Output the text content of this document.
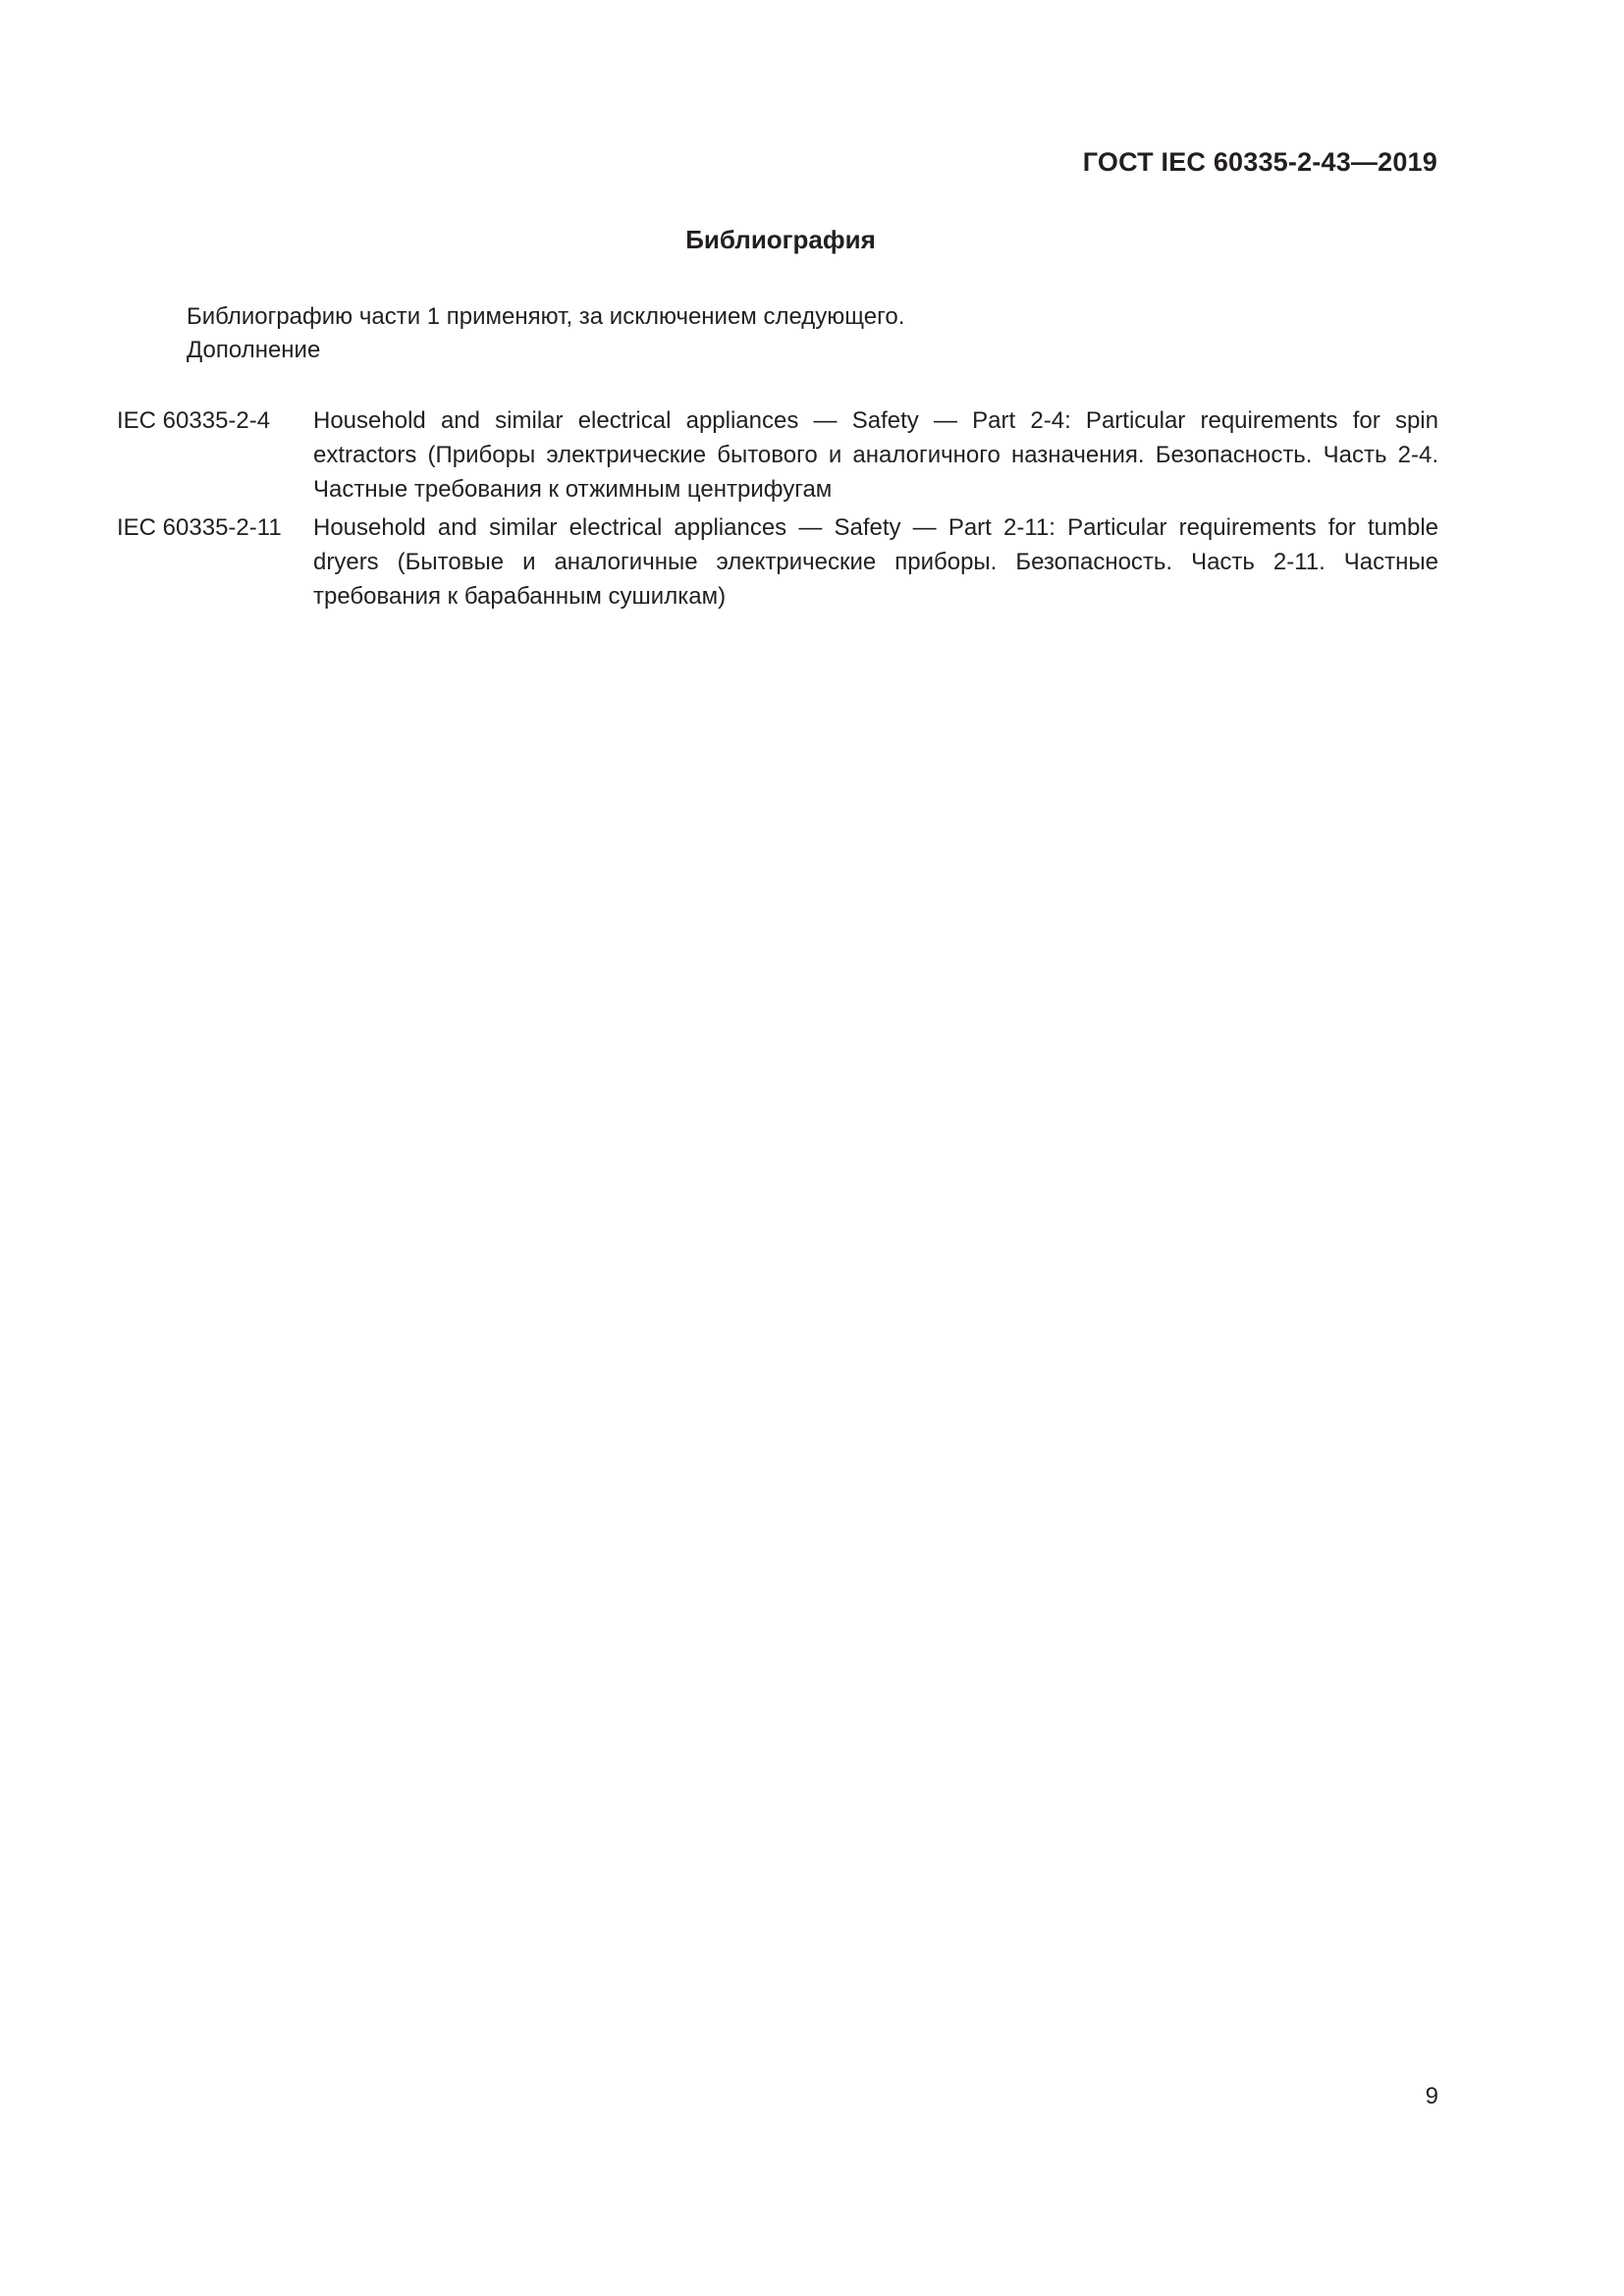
ГОСТ IEC 60335-2-43—2019
Библиография
Библиографию части 1 применяют, за исключением следующего.
Дополнение
IEC 60335-2-4	Household and similar electrical appliances — Safety — Part 2-4: Particular requirements for spin extractors (Приборы электрические бытового и аналогичного назначения. Безопасность. Часть 2-4. Частные требования к отжимным центрифугам
IEC 60335-2-11	Household and similar electrical appliances — Safety — Part 2-11: Particular requirements for tumble dryers (Бытовые и аналогичные электрические приборы. Безопасность. Часть 2-11. Частные требования к барабанным сушилкам)
9
